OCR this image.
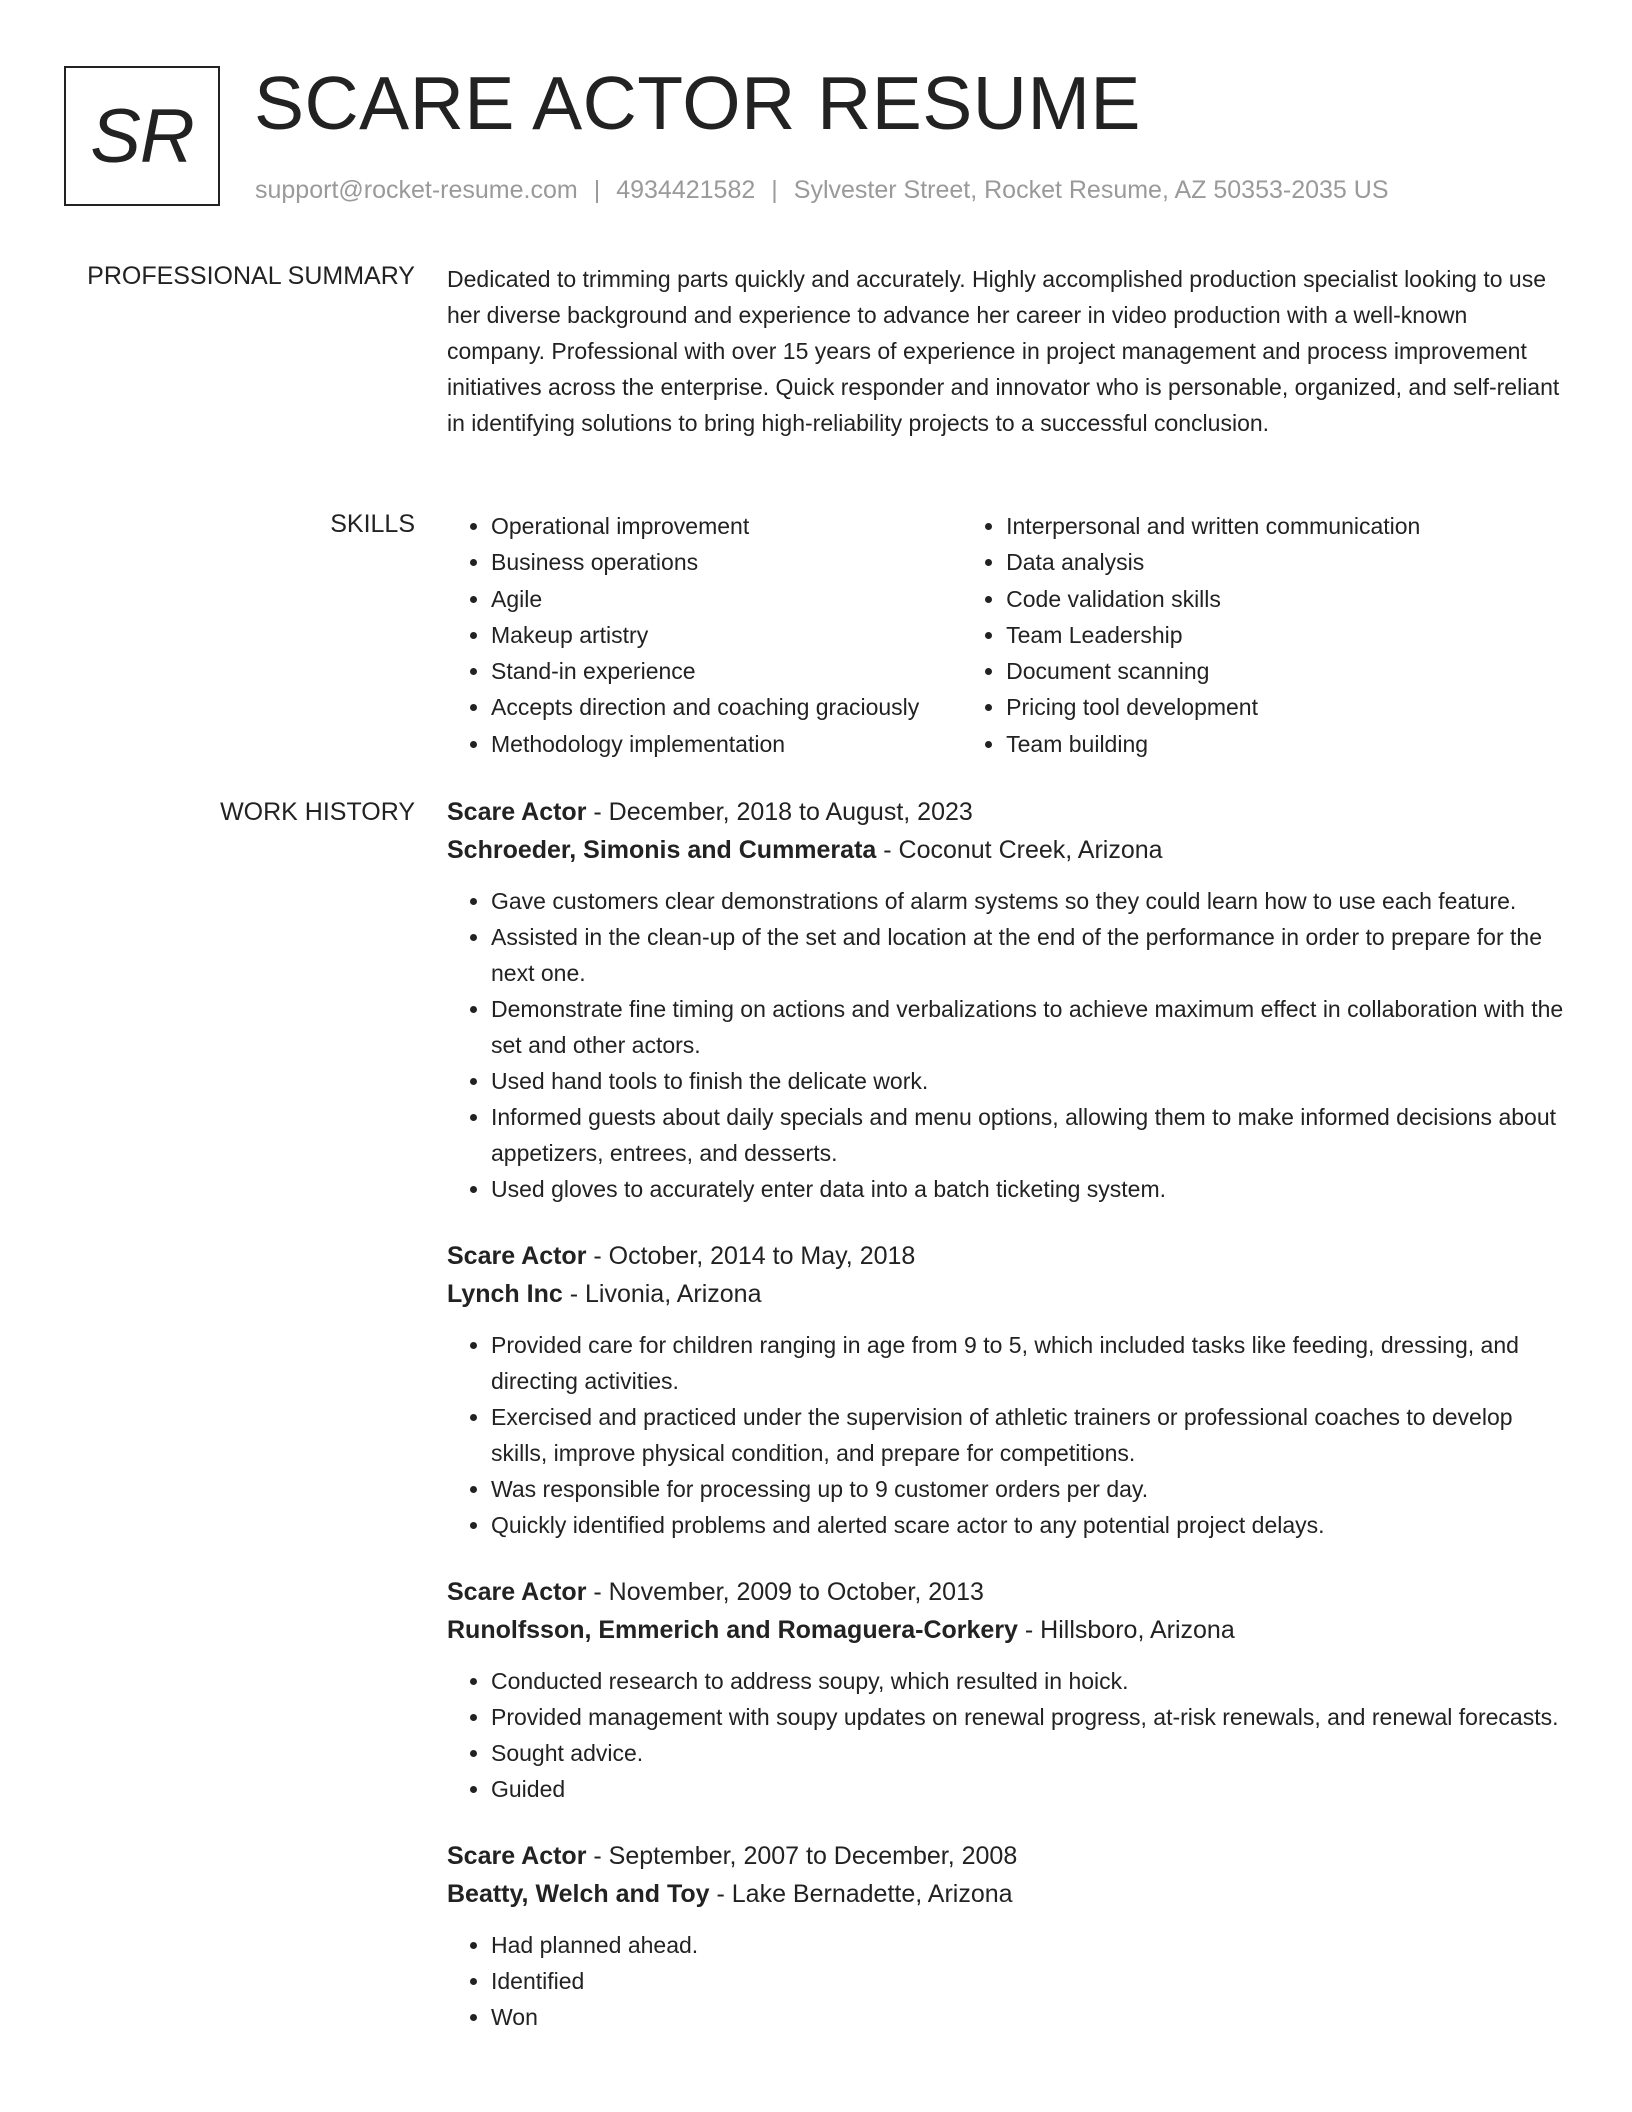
SR SCARE ACTOR RESUME
support@rocket-resume.com | 4934421582 | Sylvester Street, Rocket Resume, AZ 50353-2035 US
PROFESSIONAL SUMMARY Dedicated to trimming parts quickly and accurately. Highly accomplished production specialist looking to use her diverse background and experience to advance her career in video production with a well-known company. Professional with over 15 years of experience in project management and process improvement initiatives across the enterprise. Quick responder and innovator who is personable, organized, and self-reliant in identifying solutions to bring high-reliability projects to a successful conclusion.

SKILLS
•	Operational improvement
• Business operations
• Agile
• Makeup artistry
• Stand-in experience
• Accepts direction and coaching graciously
• Methodology implementation
• Interpersonal and written communication
• Data analysis
• Code validation skills
• Team Leadership
• Document scanning
• Pricing tool development
• Team building
WORK HISTORY Scare Actor - December, 2018 to August, 2023
Schroeder, Simonis and Cummerata - Coconut Creek, Arizona
• Gave customers clear demonstrations of alarm systems so they could learn how to use each feature.
• Assisted in the clean-up of the set and location at the end of the performance in order to prepare for the next one.
• Demonstrate fine timing on actions and verbalizations to achieve maximum effect in collaboration with the set and other actors.
• Used hand tools to finish the delicate work.
• Informed guests about daily specials and menu options, allowing them to make informed decisions about appetizers, entrees, and desserts.
• Used gloves to accurately enter data into a batch ticketing system.
Scare Actor - October, 2014 to May, 2018
Lynch Inc - Livonia, Arizona
• Provided care for children ranging in age from 9 to 5, which included tasks like feeding, dressing, and directing activities.
• Exercised and practiced under the supervision of athletic trainers or professional coaches to develop skills, improve physical condition, and prepare for competitions.
• Was responsible for processing up to 9 customer orders per day.
• Quickly identified problems and alerted scare actor to any potential project delays.
Scare Actor - November, 2009 to October, 2013
Runolfsson, Emmerich and Romaguera-Corkery - Hillsboro, Arizona
• Conducted research to address soupy, which resulted in hoick.
• Provided management with soupy updates on renewal progress, at-risk renewals, and renewal forecasts.
• Sought advice.
• Guided
Scare Actor - September, 2007 to December, 2008
Beatty, Welch and Toy - Lake Bernadette, Arizona
• Had planned ahead.
• Identified
• Won
